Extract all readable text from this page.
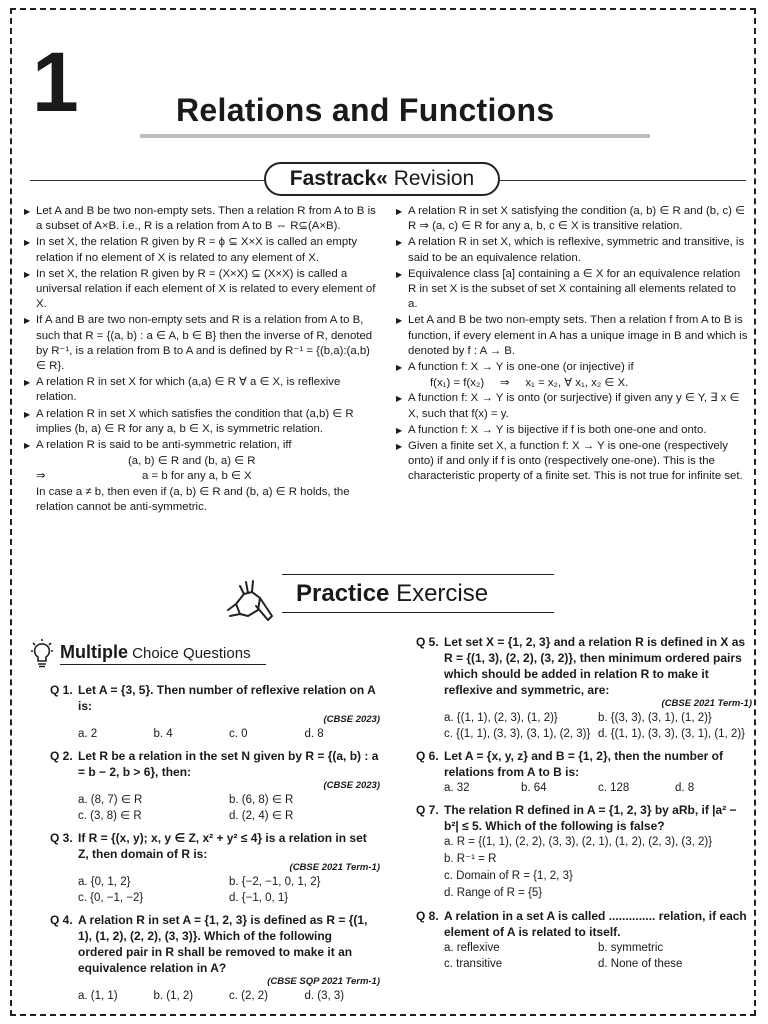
1	Relations and Functions
Fastrack« Revision
▶ Let A and B be two non-empty sets. Then a relation R from A to B is a subset of A×B. i.e., R is a relation from A to B ⇔ R⊆(A×B).
▶ In set X, the relation R given by R = ϕ ⊆ X×X is called an empty relation if no element of X is related to any element of X.
▶ In set X, the relation R given by R = (X×X) ⊆ (X×X) is called a universal relation if each element of X is related to every element of X.
▶ If A and B are two non-empty sets and R is a relation from A to B, such that R = {(a, b) : a ∈ A, b ∈ B} then the inverse of R, denoted by R⁻¹, is a relation from B to A and is defined by R⁻¹ = {(b,a):(a,b) ∈ R}.
▶ A relation R in set X for which (a,a) ∈ R ∀ a ∈ X, is reflexive relation.
▶ A relation R in set X which satisfies the condition that (a,b) ∈ R implies (b, a) ∈ R for any a, b ∈ X, is symmetric relation.
▶ A relation R is said to be anti-symmetric relation, iff
(a, b) ∈ R and (b, a) ∈ R
⇒	a = b for any a, b ∈ X
In case a ≠ b, then even if (a, b) ∈ R and (b, a) ∈ R holds, the relation cannot be anti-symmetric.
▶ A relation R in set X satisfying the condition (a, b) ∈ R and (b, c) ∈ R ⇒ (a, c) ∈ R for any a, b, c ∈ X is transitive relation.
▶ A relation R in set X, which is reflexive, symmetric and transitive, is said to be an equivalence relation.
▶ Equivalence class [a] containing a ∈ X for an equivalence relation R in set X is the subset of set X containing all elements related to a.
▶ Let A and B be two non-empty sets. Then a relation f from A to B is function, if every element in A has a unique image in B and which is denoted by f : A → B.
▶ A function f: X → Y is one-one (or injective) if
f(x₁) = f(x₂)     ⇒     x₁ = x₂, ∀ x₁, x₂ ∈ X.
▶ A function f: X → Y is onto (or surjective) if given any y ∈ Y, ∃ x ∈ X, such that f(x) = y.
▶ A function f: X → Y is bijective if f is both one-one and onto.
▶ Given a finite set X, a function f: X → Y is one-one (respectively onto) if and only if f is onto (respectively one-one). This is the characteristic property of a finite set. This is not true for infinite set.
Practice Exercise
Multiple Choice Questions
Q 1. Let A = {3, 5}. Then number of reflexive relation on A is:
(CBSE 2023)
a. 2	b. 4	c. 0	d. 8
Q 2. Let R be a relation in the set N given by R = {(a, b) : a = b − 2, b > 6}, then:
(CBSE 2023)
a. (8, 7) ∈ R	b. (6, 8) ∈ R
c. (3, 8) ∈ R	d. (2, 4) ∈ R
Q 3. If R = {(x, y); x, y ∈ Z, x² + y² ≤ 4} is a relation in set Z, then domain of R is:
(CBSE 2021 Term-1)
a. {0, 1, 2}	b. {−2, −1, 0, 1, 2}
c. {0, −1, −2}	d. {−1, 0, 1}
Q 4. A relation R in set A = {1, 2, 3} is defined as R = {(1, 1), (1, 2), (2, 2), (3, 3)}. Which of the following ordered pair in R shall be removed to make it an equivalence relation in A?
(CBSE SQP 2021 Term-1)
a. (1, 1)	b. (1, 2)	c. (2, 2)	d. (3, 3)
Q 5. Let set X = {1, 2, 3} and a relation R is defined in X as R = {(1, 3), (2, 2), (3, 2)}, then minimum ordered pairs which should be added in relation R to make it reflexive and symmetric, are:
(CBSE 2021 Term-1)
a. {(1, 1), (2, 3), (1, 2)}	b. {(3, 3), (3, 1), (1, 2)}
c. {(1, 1), (3, 3), (3, 1), (2, 3)} d. {(1, 1), (3, 3), (3, 1), (1, 2)}
Q 6. Let A = {x, y, z} and B = {1, 2}, then the number of relations from A to B is:
a. 32	b. 64	c. 128	d. 8
Q 7. The relation R defined in A = {1, 2, 3} by aRb, if |a² − b²| ≤ 5. Which of the following is false?
a. R = {(1, 1), (2, 2), (3, 3), (2, 1), (1, 2), (2, 3), (3, 2)}
b. R⁻¹ = R
c. Domain of R = {1, 2, 3}
d. Range of R = {5}
Q 8. A relation in a set A is called .............. relation, if each element of A is related to itself.
a. reflexive	b. symmetric
c. transitive	d. None of these
